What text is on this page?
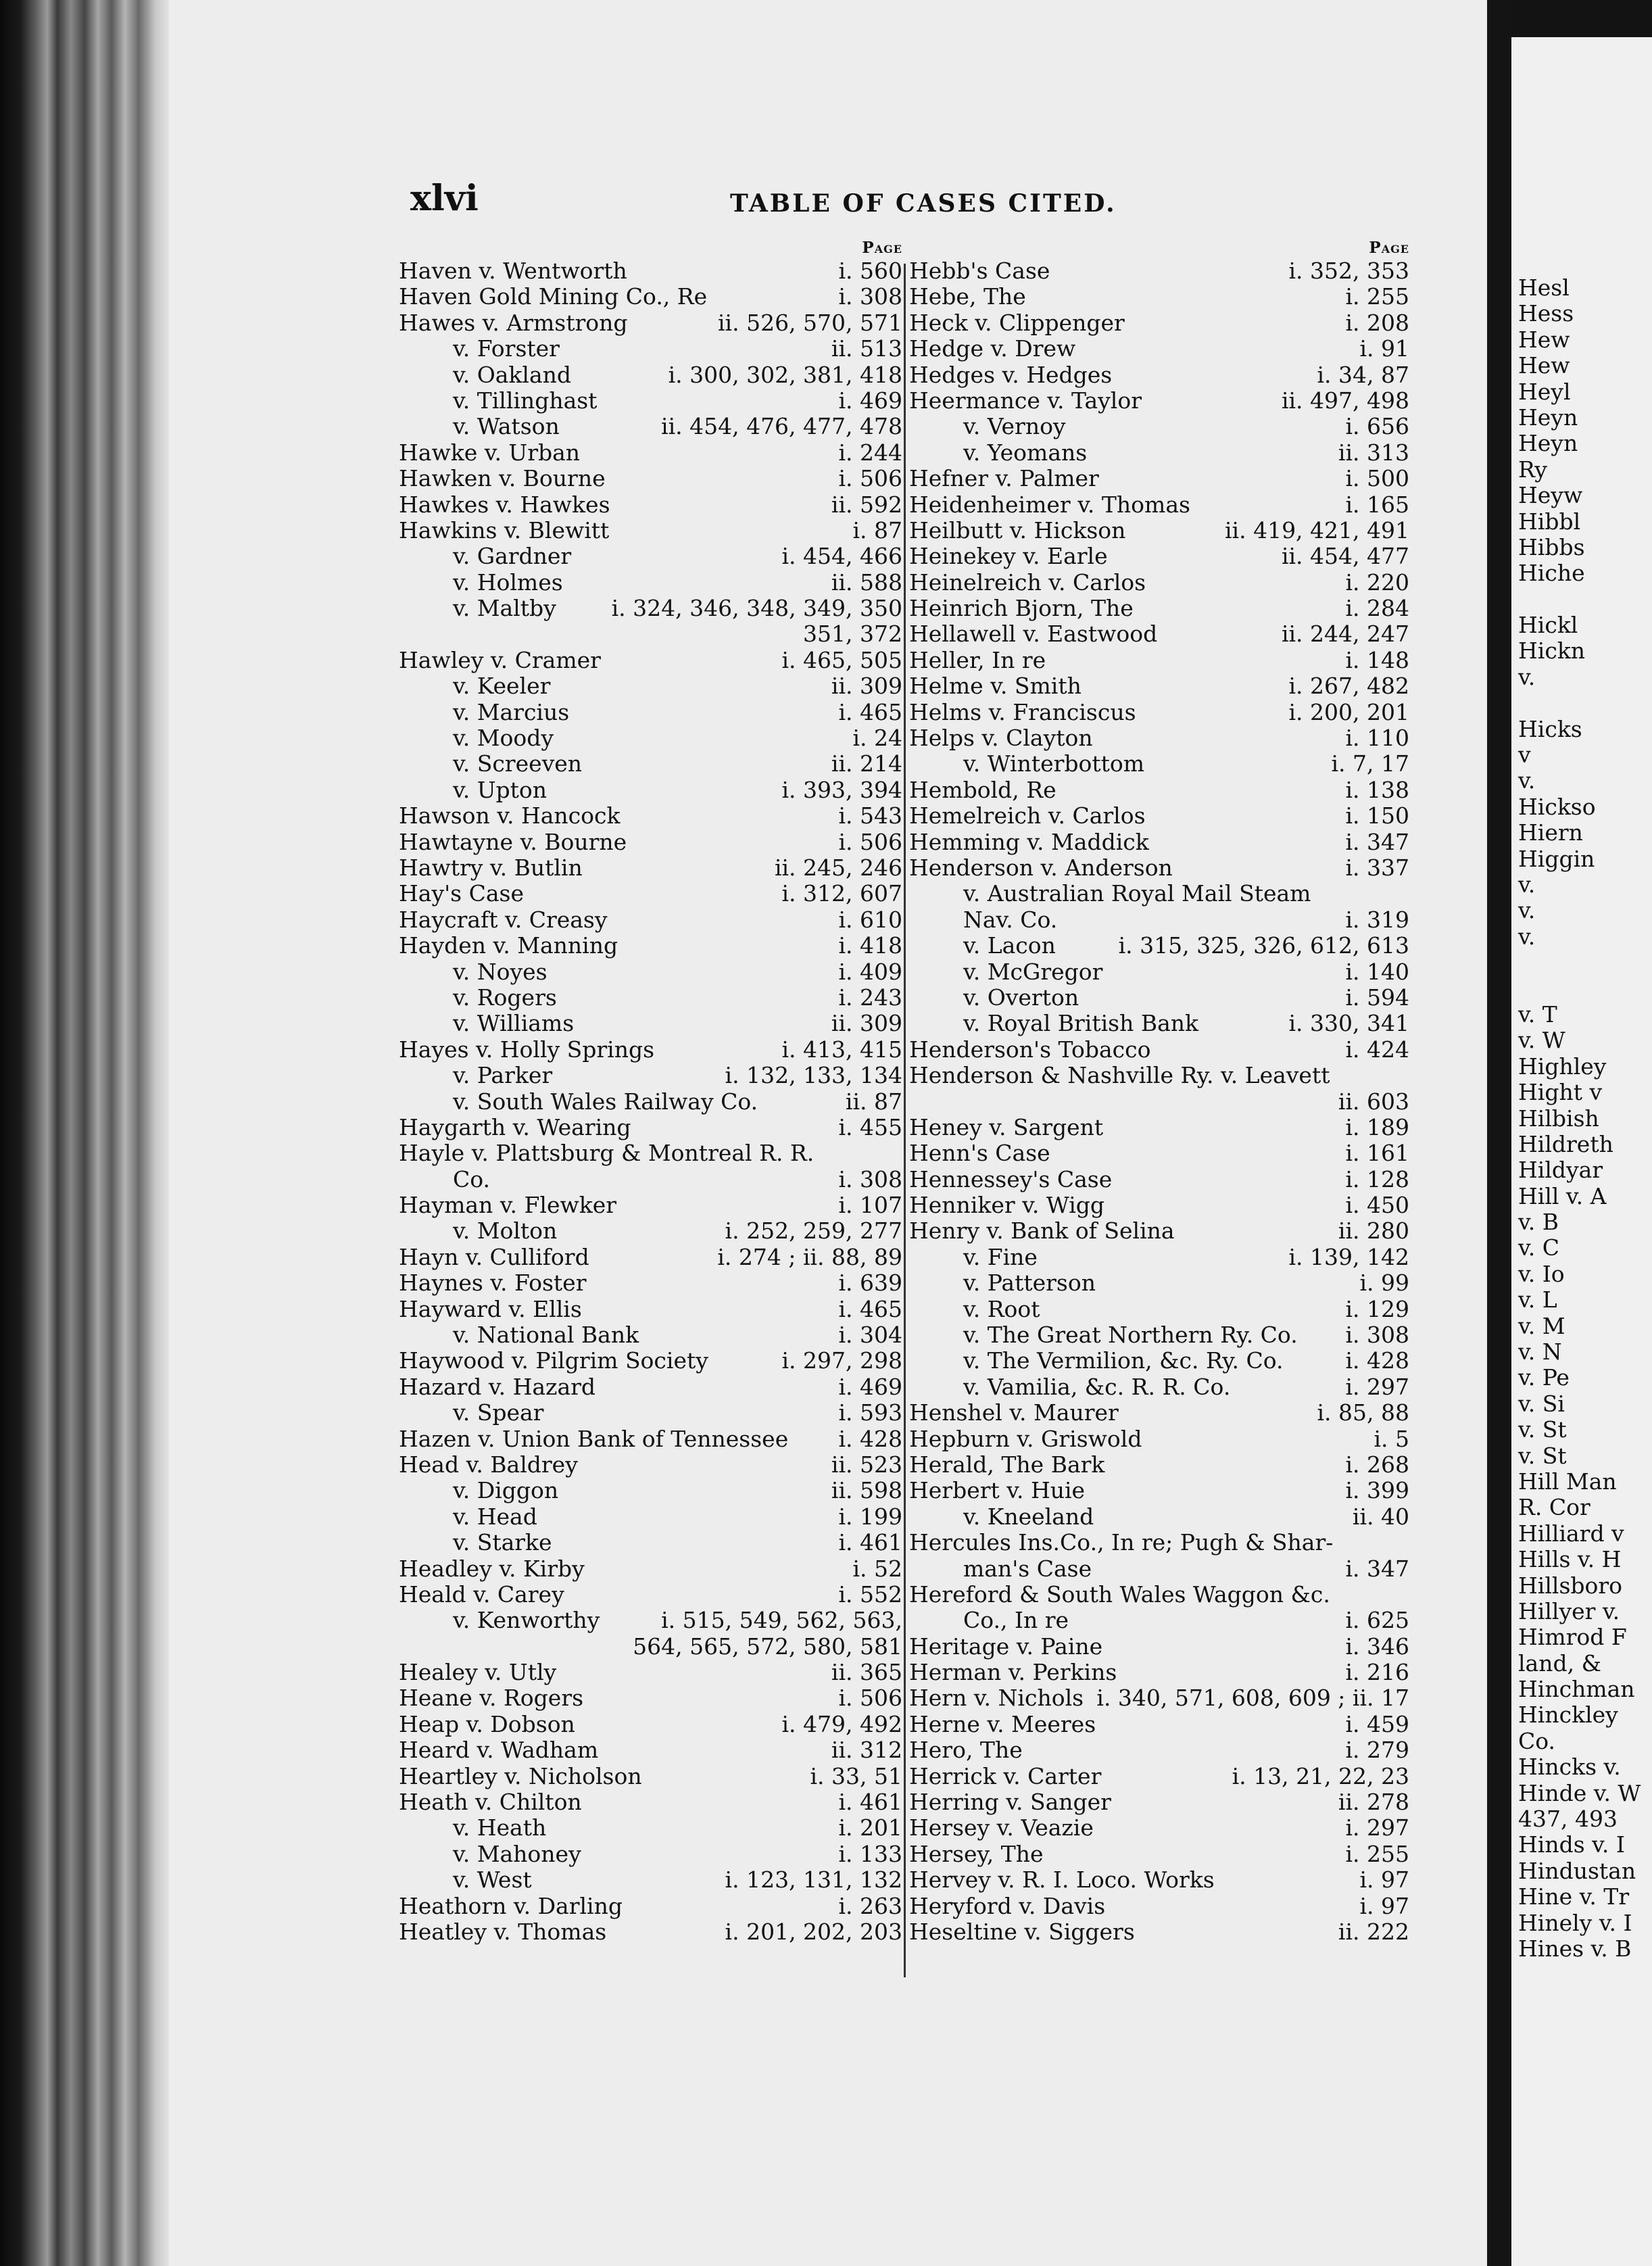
Hesl
Hess
Hew
Hew
Heyl
Heyn
Heyn
Ry
Heyw
Hibbl
Hibbs
Hiche
Hickl
Hickn
v.
Hicks
v
v.
Hickso
Hiern
Higgin
v.
v.
v.
v. T
v. W
Highley
Hight v
Hilbish
Hildreth
Hildyar
Hill v. A
v. B
v. C
v. Io
v. L
v. M
v. N
v. Pe
v. Si
v. St
v. St
Hill Man
R. Cor
Hilliard v
Hills v. H
Hillsboro
Hillyer v.
Himrod F
land, &
Hinchman
Hinckley
Co.
Hincks v.
Hinde v. W
437, 493
Hinds v. I
Hindustan
Hine v. Tr
Hinely v. I
Hines v. B
xlvi	TABLE OF CASES CITED.
Page
Haven v. Wentworth	i. 560
Haven Gold Mining Co., Re	i. 308
Hawes v. Armstrong	ii. 526, 570, 571
v. Forster	ii. 513
v. Oakland	i. 300, 302, 381, 418
v. Tillinghast	i. 469
v. Watson	ii. 454, 476, 477, 478
Hawke v. Urban	i. 244
Hawken v. Bourne	i. 506
Hawkes v. Hawkes	ii. 592
Hawkins v. Blewitt	i. 87
v. Gardner	i. 454, 466
v. Holmes	ii. 588
v. Maltby i. 324, 346, 348, 349, 350
351, 372
Hawley v. Cramer	i. 465, 505
v. Keeler	ii. 309
v. Marcius	i. 465
v. Moody	i. 24
v. Screeven	ii. 214
v. Upton	i. 393, 394
Hawson v. Hancock	i. 543
Hawtayne v. Bourne	i. 506
Hawtry v. Butlin	ii. 245, 246
Hay's Case	i. 312, 607
Haycraft v. Creasy	i. 610
Hayden v. Manning	i. 418
v. Noyes	i. 409
v. Rogers	i. 243
v. Williams	ii. 309
Hayes v. Holly Springs	i. 413, 415
v. Parker	i. 132, 133, 134
v. South Wales Railway Co.	ii. 87
Haygarth v. Wearing	i. 455
Hayle v. Plattsburg & Montreal R. R.
Co.	i. 308
Hayman v. Flewker	i. 107
v. Molton	i. 252, 259, 277
Hayn v. Culliford	i. 274 ; ii. 88, 89
Haynes v. Foster	i. 639
Hayward v. Ellis	i. 465
v. National Bank	i. 304
Haywood v. Pilgrim Society	i. 297, 298
Hazard v. Hazard	i. 469
v. Spear	i. 593
Hazen v. Union Bank of Tennessee i. 428
Head v. Baldrey	ii. 523
v. Diggon	ii. 598
v. Head	i. 199
v. Starke	i. 461
Headley v. Kirby	i. 52
Heald v. Carey	i. 552
v. Kenworthy	i. 515, 549, 562, 563,
564, 565, 572, 580, 581
Healey v. Utly	ii. 365
Heane v. Rogers	i. 506
Heap v. Dobson	i. 479, 492
Heard v. Wadham	ii. 312
Heartley v. Nicholson	i. 33, 51
Heath v. Chilton	i. 461
v. Heath	i. 201
v. Mahoney	i. 133
v. West	i. 123, 131, 132
Heathorn v. Darling	i. 263
Heatley v. Thomas	i. 201, 202, 203
Page
Hebb's Case	i. 352, 353
Hebe, The	i. 255
Heck v. Clippenger	i. 208
Hedge v. Drew	i. 91
Hedges v. Hedges	i. 34, 87
Heermance v. Taylor	ii. 497, 498
v. Vernoy	i. 656
v. Yeomans	ii. 313
Hefner v. Palmer	i. 500
Heidenheimer v. Thomas	i. 165
Heilbutt v. Hickson	ii. 419, 421, 491
Heinekey v. Earle	ii. 454, 477
Heinelreich v. Carlos	i. 220
Heinrich Bjorn, The	i. 284
Hellawell v. Eastwood	ii. 244, 247
Heller, In re	i. 148
Helme v. Smith	i. 267, 482
Helms v. Franciscus	i. 200, 201
Helps v. Clayton	i. 110
v. Winterbottom	i. 7, 17
Hembold, Re	i. 138
Hemelreich v. Carlos	i. 150
Hemming v. Maddick	i. 347
Henderson v. Anderson	i. 337
v. Australian Royal Mail Steam
Nav. Co.	i. 319
v. Lacon	i. 315, 325, 326, 612, 613
v. McGregor	i. 140
v. Overton	i. 594
v. Royal British Bank	i. 330, 341
Henderson's Tobacco	i. 424
Henderson & Nashville Ry. v. Leavett
ii. 603
Heney v. Sargent	i. 189
Henn's Case	i. 161
Hennessey's Case	i. 128
Henniker v. Wigg	i. 450
Henry v. Bank of Selina	ii. 280
v. Fine	i. 139, 142
v. Patterson	i. 99
v. Root	i. 129
v. The Great Northern Ry. Co. i. 308
v. The Vermilion, &c. Ry. Co.	i. 428
v. Vamilia, &c. R. R. Co.	i. 297
Henshel v. Maurer	i. 85, 88
Hepburn v. Griswold	i. 5
Herald, The Bark	i. 268
Herbert v. Huie	i. 399
v. Kneeland	ii. 40
Hercules Ins.Co., In re; Pugh & Shar-
man's Case	i. 347
Hereford & South Wales Waggon &c.
Co., In re	i. 625
Heritage v. Paine	i. 346
Herman v. Perkins	i. 216
Hern v. Nichols i. 340, 571, 608, 609 ; ii. 17
Herne v. Meeres	i. 459
Hero, The	i. 279
Herrick v. Carter	i. 13, 21, 22, 23
Herring v. Sanger	ii. 278
Hersey v. Veazie	i. 297
Hersey, The	i. 255
Hervey v. R. I. Loco. Works	i. 97
Heryford v. Davis	i. 97
Heseltine v. Siggers	ii. 222
